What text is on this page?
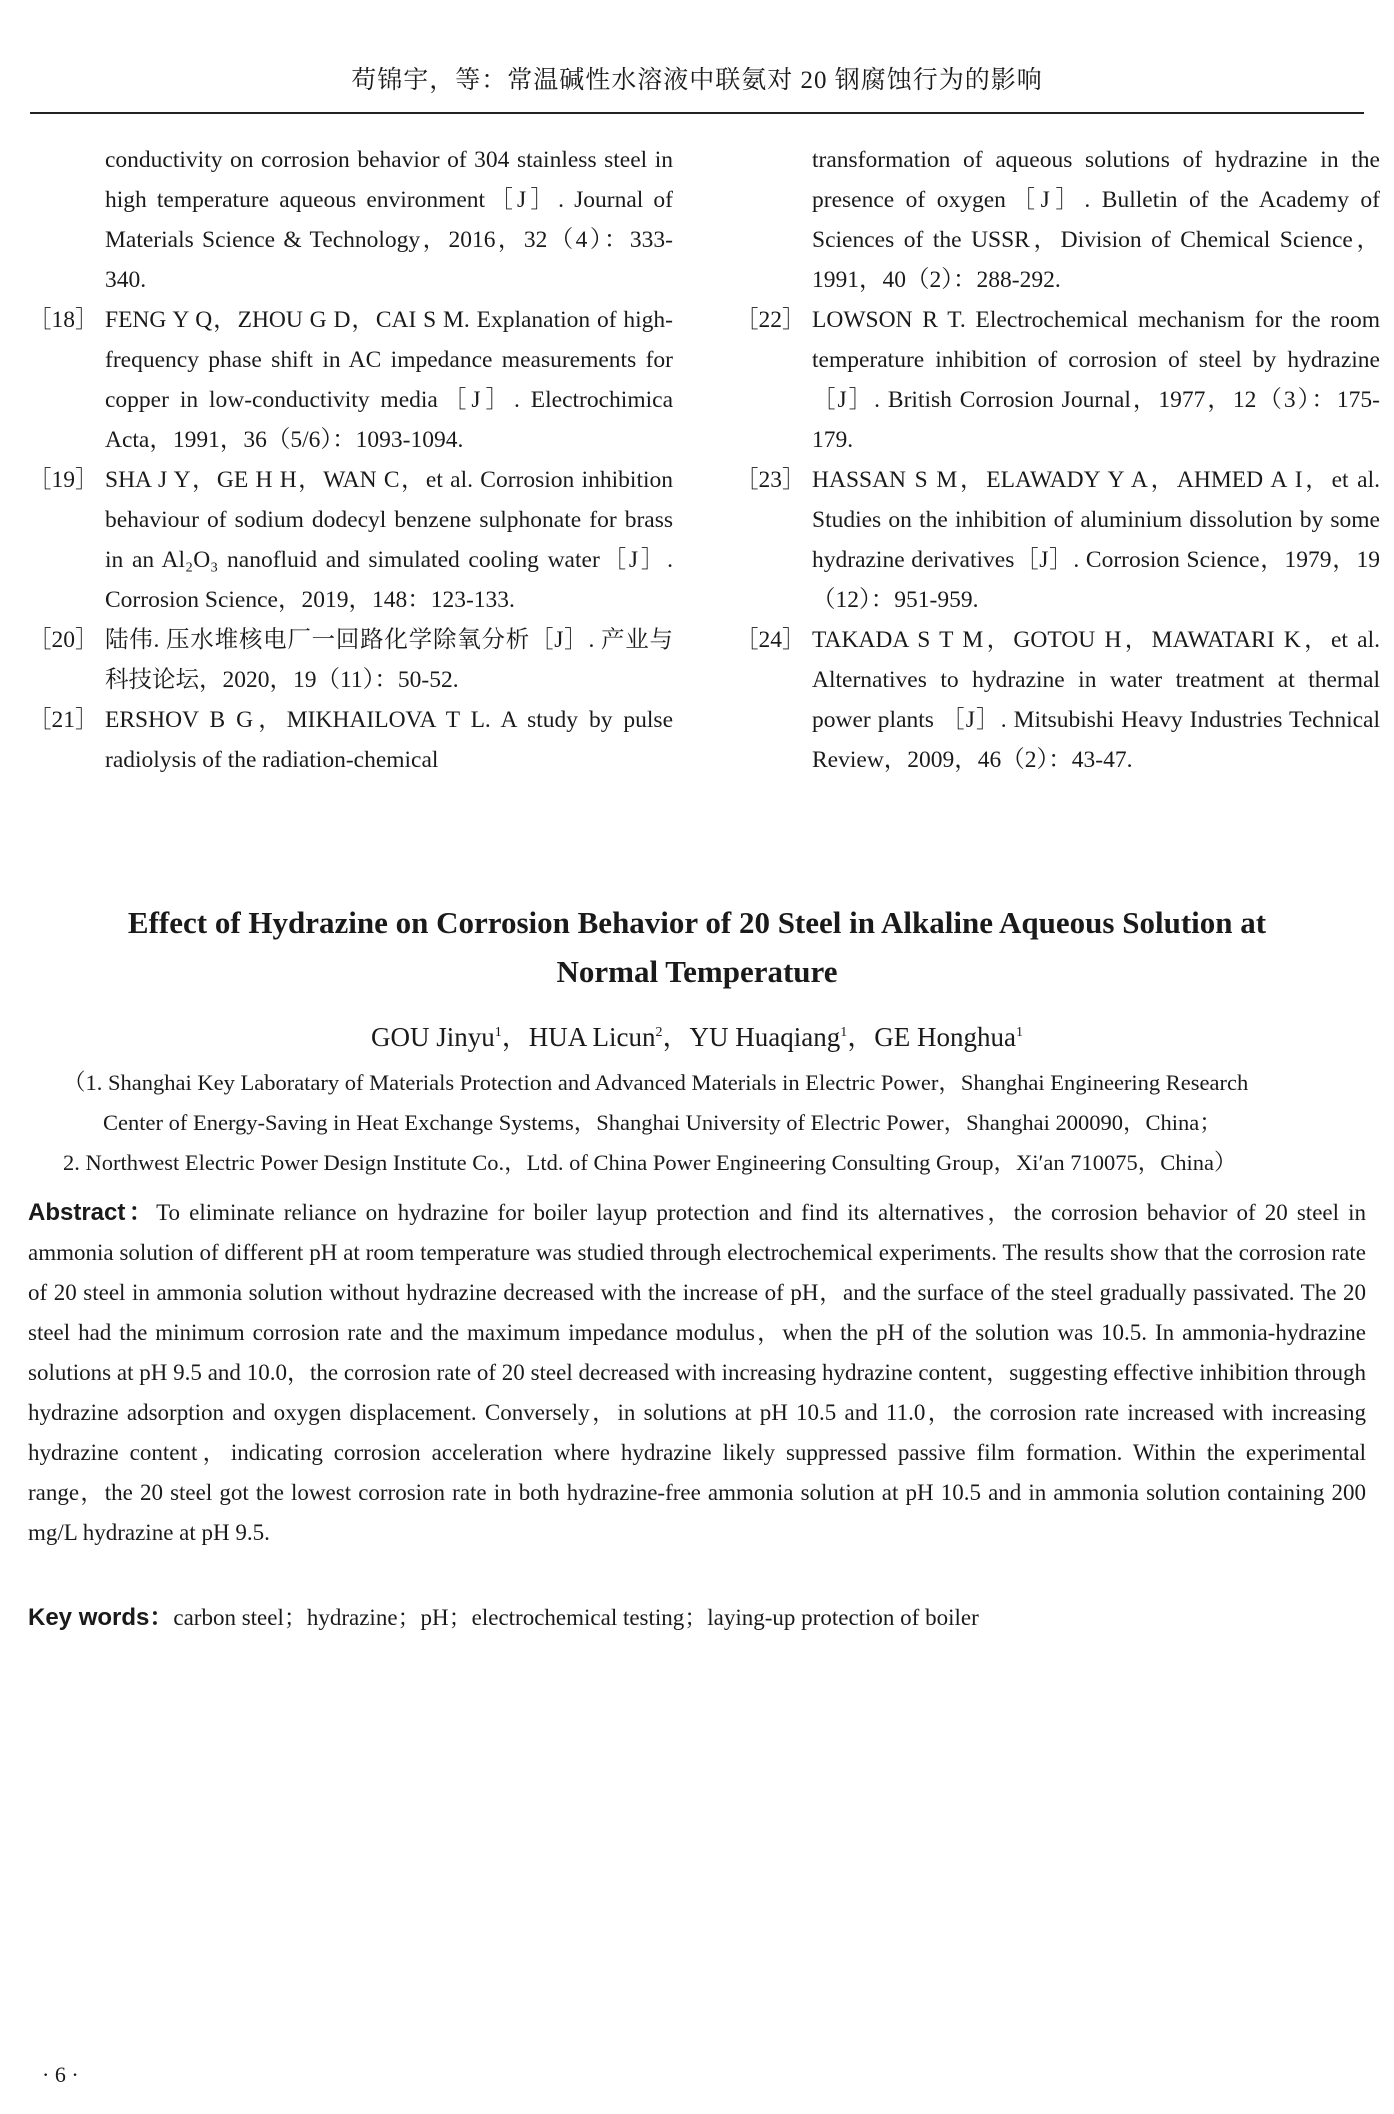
苟锦宇，等：常温碱性水溶液中联氨对 20 钢腐蚀行为的影响
conductivity on corrosion behavior of 304 stainless steel in high temperature aqueous environment［J］. Journal of Materials Science & Technology，2016，32（4）：333-340.
［18］ FENG Y Q，ZHOU G D，CAI S M. Explanation of high-frequency phase shift in AC impedance measurements for copper in low-conductivity media［J］. Electrochimica Acta，1991，36（5/6）：1093-1094.
［19］ SHA J Y，GE H H，WAN C，et al. Corrosion inhibition behaviour of sodium dodecyl benzene sulphonate for brass in an Al₂O₃ nanofluid and simulated cooling water［J］. Corrosion Science，2019，148：123-133.
［20］ 陆伟. 压水堆核电厂一回路化学除氧分析［J］. 产业与科技论坛，2020，19（11）：50-52.
［21］ ERSHOV B G，MIKHAILOVA T L. A study by pulse radiolysis of the radiation-chemical
transformation of aqueous solutions of hydrazine in the presence of oxygen［J］. Bulletin of the Academy of Sciences of the USSR，Division of Chemical Science，1991，40（2）：288-292.
［22］ LOWSON R T. Electrochemical mechanism for the room temperature inhibition of corrosion of steel by hydrazine［J］. British Corrosion Journal，1977，12（3）：175-179.
［23］ HASSAN S M，ELAWADY Y A，AHMED A I，et al. Studies on the inhibition of aluminium dissolution by some hydrazine derivatives［J］. Corrosion Science，1979，19（12）：951-959.
［24］ TAKADA S T M，GOTOU H，MAWATARI K，et al. Alternatives to hydrazine in water treatment at thermal power plants ［J］. Mitsubishi Heavy Industries Technical Review，2009，46（2）：43-47.
Effect of Hydrazine on Corrosion Behavior of 20 Steel in Alkaline Aqueous Solution at
Normal Temperature
GOU Jinyu$^1$，HUA Licun$^2$，YU Huaqiang$^1$，GE Honghua$^1$
（1. Shanghai Key Laboratary of Materials Protection and Advanced Materials in Electric Power，Shanghai Engineering Research
Center of Energy-Saving in Heat Exchange Systems，Shanghai University of Electric Power，Shanghai 200090，China；
2. Northwest Electric Power Design Institute Co.，Ltd. of China Power Engineering Consulting Group，Xi′an 710075，China）
Abstract：To eliminate reliance on hydrazine for boiler layup protection and find its alternatives，the corrosion behavior of 20 steel in ammonia solution of different pH at room temperature was studied through electrochemical experiments. The results show that the corrosion rate of 20 steel in ammonia solution without hydrazine decreased with the increase of pH，and the surface of the steel gradually passivated. The 20 steel had the minimum corrosion rate and the maximum impedance modulus，when the pH of the solution was 10.5. In ammonia-hydrazine solutions at pH 9.5 and 10.0，the corrosion rate of 20 steel decreased with increasing hydrazine content，suggesting effective inhibition through hydrazine adsorption and oxygen displacement. Conversely，in solutions at pH 10.5 and 11.0，the corrosion rate increased with increasing hydrazine content，indicating corrosion acceleration where hydrazine likely suppressed passive film formation. Within the experimental range，the 20 steel got the lowest corrosion rate in both hydrazine-free ammonia solution at pH 10.5 and in ammonia solution containing 200 mg/L hydrazine at pH 9.5.
Key words：carbon steel；hydrazine；pH；electrochemical testing；laying-up protection of boiler
· 6 ·
